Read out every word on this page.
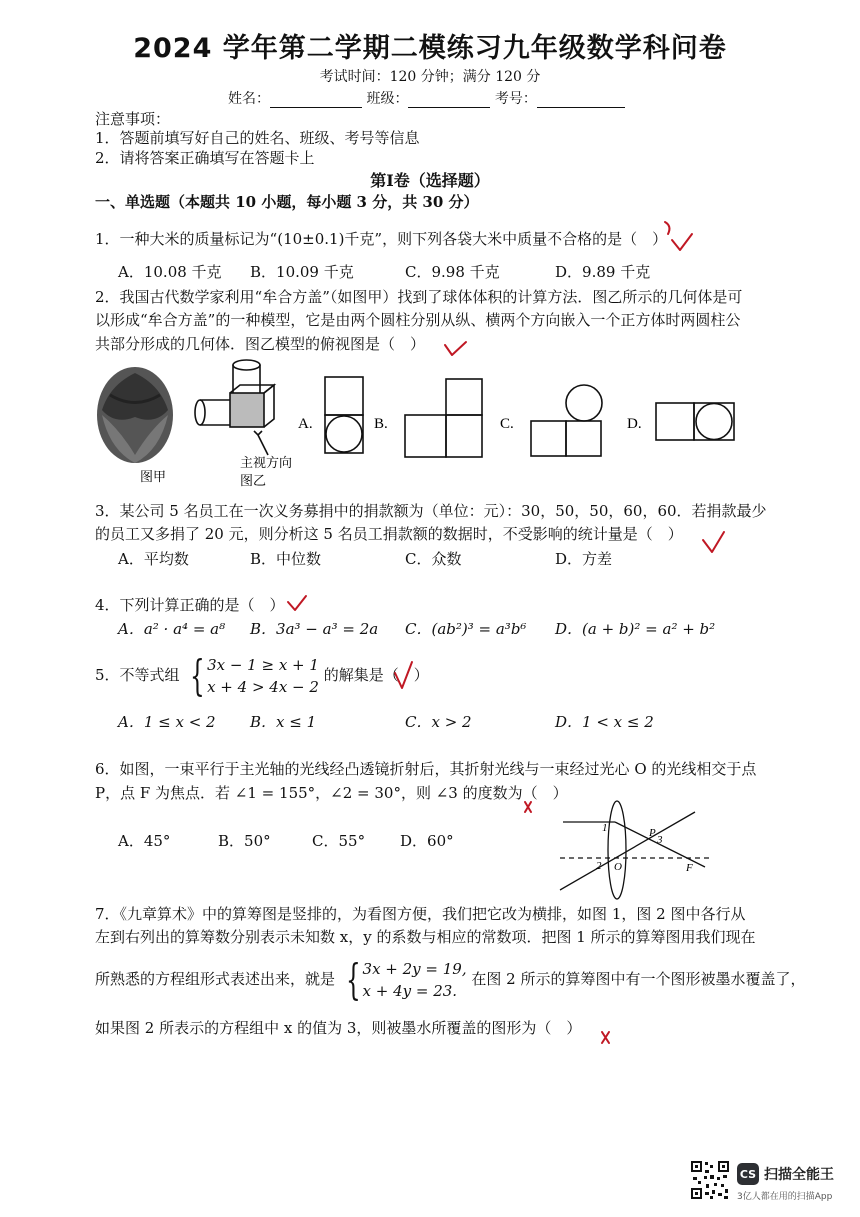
2024 学年第二学期二模练习九年级数学科问卷
考试时间：120 分钟；满分 120 分
姓名：	班级：	考号：
注意事项：
1．答题前填写好自己的姓名、班级、考号等信息
2．请将答案正确填写在答题卡上
第Ⅰ卷（选择题）
一、单选题（本题共 10 小题，每小题 3 分，共 30 分）
1．一种大米的质量标记为“(10±0.1)千克”，则下列各袋大米中质量不合格的是（　）
A．10.08 千克 B．10.09 千克	C．9.98 千克	D．9.89 千克
2．我国古代数学家利用“牟合方盖”（如图甲）找到了球体体积的计算方法．图乙所示的几何体是可
以形成“牟合方盖”的一种模型，它是由两个圆柱分别从纵、横两个方向嵌入一个正方体时两圆柱公
共部分形成的几何体．图乙模型的俯视图是（　）
图甲
主视方向
图乙
A.	B.	C.	D.
3．某公司 5 名员工在一次义务募捐中的捐款额为（单位：元）：30，50，50，60，60．若捐款最少
的员工又多捐了 20 元，则分析这 5 名员工捐款额的数据时，不受影响的统计量是（　）
A．平均数	B．中位数	C．众数	D．方差
4．下列计算正确的是（　）
A．a² · a⁴ = a⁸ B．3a³ − a³ = 2a C．(ab²)³ = a³b⁶ D．(a + b)² = a² + b²
5．不等式组 { 3x − 1 ≥ x + 1
x + 4 > 4x − 2
的解集是（　）
A．1 ≤ x < 2 B．x ≤ 1	C．x > 2	D．1 < x ≤ 2
6．如图，一束平行于主光轴的光线经凸透镜折射后，其折射光线与一束经过光心 O 的光线相交于点
P，点 F 为焦点．若 ∠1 = 155°，∠2 = 30°，则 ∠3 的度数为（　）
A．45°	B．50°	C．55° D．60°
1	P
3
2 O	F
7．《九章算术》中的算筹图是竖排的，为看图方便，我们把它改为横排，如图 1，图 2 图中各行从
左到右列出的算筹数分别表示未知数 x，y 的系数与相应的常数项．把图 1 所示的算筹图用我们现在
所熟悉的方程组形式表述出来，就是 { 3x + 2y = 19,
x + 4y = 23.
在图 2 所示的算筹图中有一个图形被墨水覆盖了，
如果图 2 所表示的方程组中 x 的值为 3，则被墨水所覆盖的图形为（　）
CS 扫描全能王
3亿人都在用的扫描App
